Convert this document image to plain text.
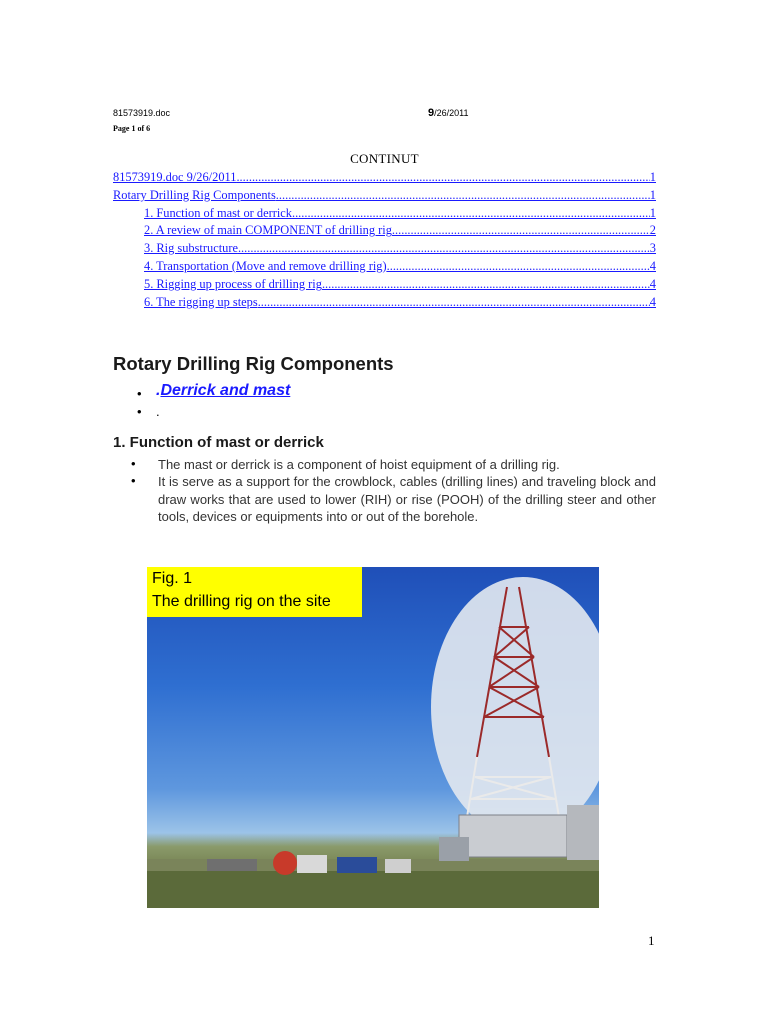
81573919.doc	9/26/2011
Page 1 of 6
CONTINUT
81573919.doc 9/26/2011 .....	1
Rotary Drilling Rig Components .....	1
1. Function of mast or derrick .....	1
2. A review of main COMPONENT of drilling rig .....	2
3. Rig substructure .....	3
4. Transportation (Move and remove drilling rig) .....	4
5. Rigging up process of drilling rig .....	4
6. The rigging up steps .....	4
Rotary Drilling Rig Components
• .Derrick and mast
• .
1. Function of mast or derrick
• The mast or derrick is a component of hoist equipment of a drilling rig.
• It is serve as a support for the crowblock, cables (drilling lines) and traveling block and draw works that are used to lower (RIH) or rise (POOH) of the drilling steer and other tools, devices or equipments into or out of the borehole.
Fig. 1
The drilling rig on the site
1
